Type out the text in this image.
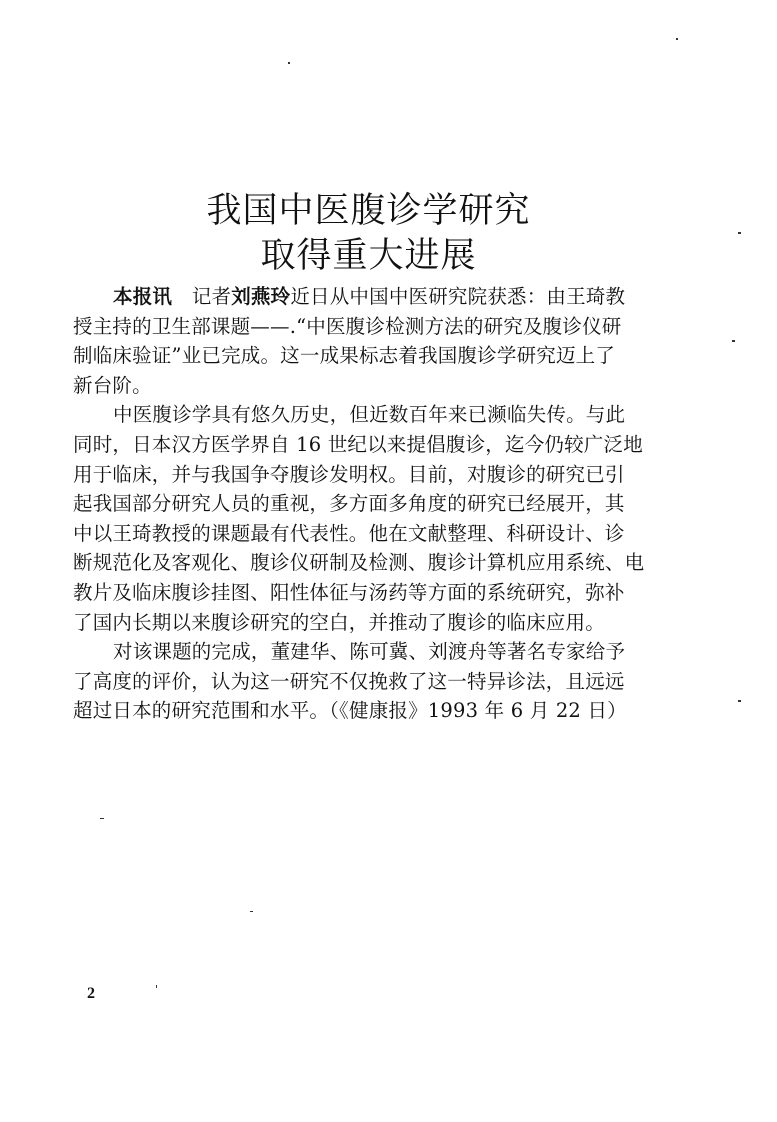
我国中医腹诊学研究
取得重大进展
本报讯　 记者刘燕玲近日从中国中医研究院获悉：由王琦教
授主持的卫生部课题——.“中医腹诊检测方法的研究及腹诊仪研
制临床验证”业已完成。这一成果标志着我国腹诊学研究迈上了
新台阶。
中医腹诊学具有悠久历史，但近数百年来已濒临失传。与此
同时，日本汉方医学界自 16 世纪以来提倡腹诊，迄今仍较广泛地
用于临床，并与我国争夺腹诊发明权。目前，对腹诊的研究已引
起我国部分研究人员的重视，多方面多角度的研究已经展开，其
中以王琦教授的课题最有代表性。他在文献整理、科研设计、诊
断规范化及客观化、腹诊仪研制及检测、腹诊计算机应用系统、电
教片及临床腹诊挂图、阳性体征与汤药等方面的系统研究，弥补
了国内长期以来腹诊研究的空白，并推动了腹诊的临床应用。
对该课题的完成，董建华、陈可冀、刘渡舟等著名专家给予
了高度的评价，认为这一研究不仅挽救了这一特异诊法，且远远
超过日本的研究范围和水平。（《健康报》1993 年 6 月 22 日）
2
